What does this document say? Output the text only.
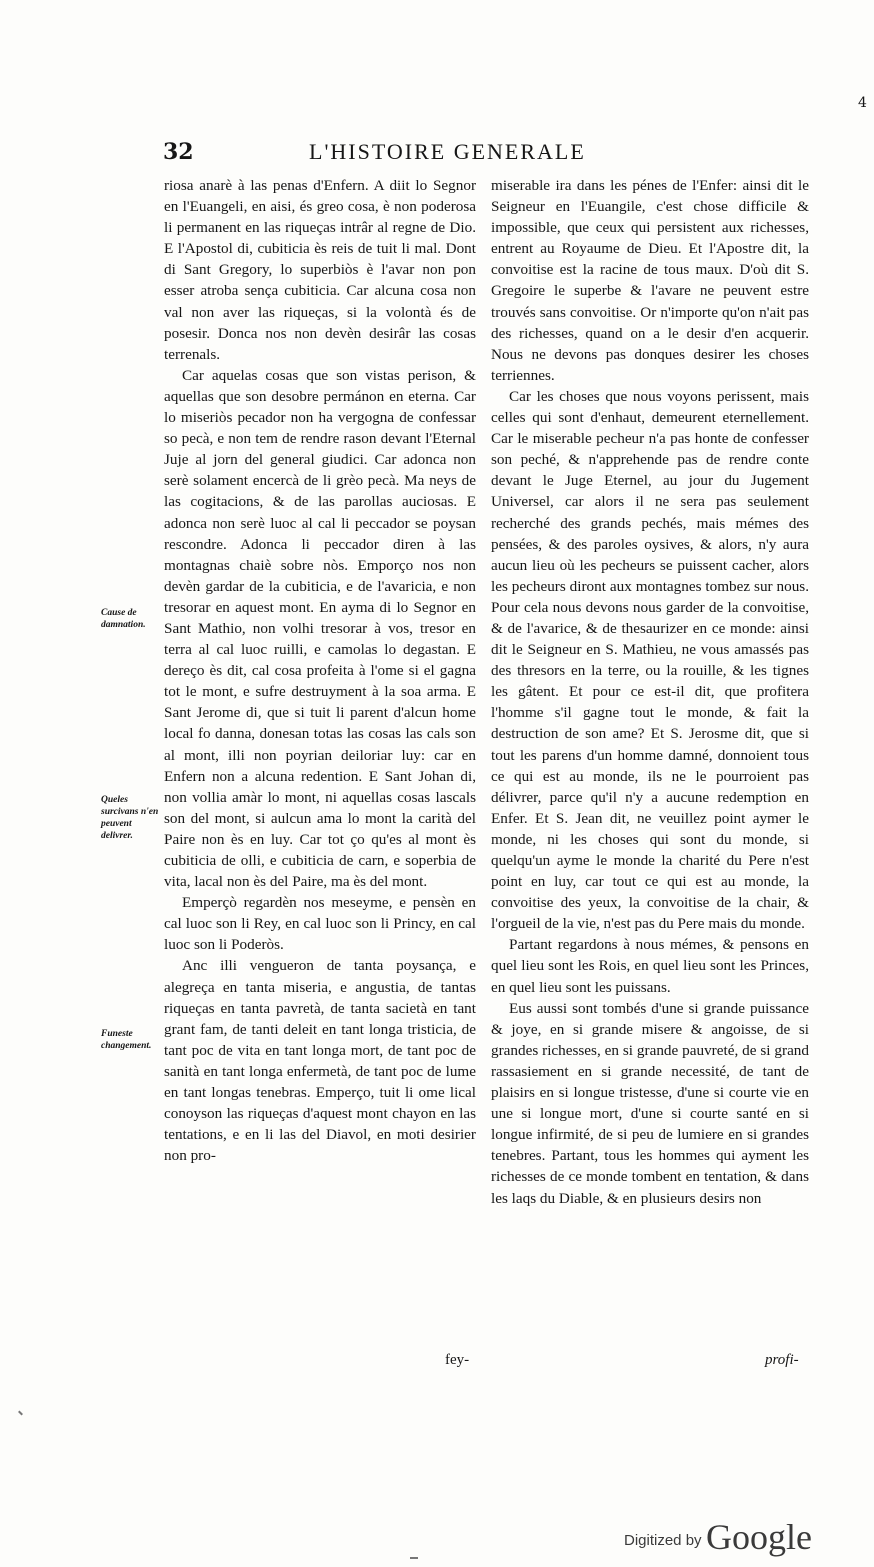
4
32	L'HISTOIRE GENERALE
Cause de damnation.
Queles surcivans n'en peuvent delivrer.
Funeste changement.

riosa anarè à las penas d'Enfern. A diit lo Segnor en l'Euangeli, en aisi, és greo cosa, è non poderosa li permanent en las riqueças intrâr al regne de Dio. E l'Apostol di, cubiticia ès reis de tuit li mal. Dont di Sant Gregory, lo superbiòs è l'avar non pon esser atroba sença cubiticia. Car alcuna cosa non val non aver las riqueças, si la volontà és de posesir. Donca nos non devèn desirâr las cosas terrenals.

Car aquelas cosas que son vistas perison, & aquellas que son desobre permánon en eterna. Car lo miseriòs pecador non ha vergogna de confessar so pecà, e non tem de rendre rason devant l'Eternal Juje al jorn del general giudici. Car adonca non serè solament encercà de li grèo pecà. Ma neys de las cogitacions, & de las parollas auciosas. E adonca non serè luoc al cal li peccador se poysan rescondre. Adonca li peccador diren à las montagnas chaiè sobre nòs. Emporço nos non devèn gardar de la cubiticia, e de l'avaricia, e non tresorar en aquest mont. En ayma di lo Segnor en Sant Mathio, non volhi tresorar à vos, tresor en terra al cal luoc ruilli, e camolas lo degastan. E dereço ès dit, cal cosa profeita à l'ome si el gagna tot le mont, e sufre destruyment à la soa arma. E Sant Jerome di, que si tuit li parent d'alcun home local fo danna, donesan totas las cosas las cals son al mont, illi non poyrian deiloriar luy: car en Enfern non a alcuna redention. E Sant Johan di, non vollia amàr lo mont, ni aquellas cosas lascals son del mont, si aulcun ama lo mont la carità del Paire non ès en luy. Car tot ço qu'es al mont ès cubiticia de olli, e cubiticia de carn, e soperbia de vita, lacal non ès del Paire, ma ès del mont.

Emperçò regardèn nos meseyme, e pensèn en cal luoc son li Rey, en cal luoc son li Princy, en cal luoc son li Poderòs.

Anc illi vengueron de tanta poysança, e alegreça en tanta miseria, e angustia, de tantas riqueças en tanta pavretà, de tanta sacietà en tant grant fam, de tanti deleit en tant longa tristicia, de tant poc de vita en tant longa mort, de tant poc de sanità en tant longa enfermetà, de tant poc de lume en tant longas tenebras. Emperço, tuit li ome lical conoyson las riqueças d'aquest mont chayon en las tentations, e en li las del Diavol, en moti desirier non pro-

fey-

miserable ira dans les pénes de l'Enfer: ainsi dit le Seigneur en l'Euangile, c'est chose difficile & impossible, que ceux qui persistent aux richesses, entrent au Royaume de Dieu. Et l'Apostre dit, la convoitise est la racine de tous maux. D'où dit S. Gregoire le superbe & l'avare ne peuvent estre trouvés sans convoitise. Or n'importe qu'on n'ait pas des richesses, quand on a le desir d'en acquerir. Nous ne devons pas donques desirer les choses terriennes.

Car les choses que nous voyons perissent, mais celles qui sont d'enhaut, demeurent eternellement. Car le miserable pecheur n'a pas honte de confesser son peché, & n'apprehende pas de rendre conte devant le Juge Eternel, au jour du Jugement Universel, car alors il ne sera pas seulement recherché des grands pechés, mais mémes des pensées, & des paroles oysives, & alors, n'y aura aucun lieu où les pecheurs se puissent cacher, alors les pecheurs diront aux montagnes tombez sur nous. Pour cela nous devons nous garder de la convoitise, & de l'avarice, & de thesaurizer en ce monde: ainsi dit le Seigneur en S. Mathieu, ne vous amassés pas des thresors en la terre, ou la rouille, & les tignes les gâtent. Et pour ce est-il dit, que profitera l'homme s'il gagne tout le monde, & fait la destruction de son ame? Et S. Jerosme dit, que si tout les parens d'un homme damné, donnoient tous ce qui est au monde, ils ne le pourroient pas délivrer, parce qu'il n'y a aucune redemption en Enfer. Et S. Jean dit, ne veuillez point aymer le monde, ni les choses qui sont du monde, si quelqu'un ayme le monde la charité du Pere n'est point en luy, car tout ce qui est au monde, la convoitise des yeux, la convoitise de la chair, & l'orgueil de la vie, n'est pas du Pere mais du monde.

Partant regardons à nous mémes, & pensons en quel lieu sont les Rois, en quel lieu sont les Princes, en quel lieu sont les puissans.

Eus aussi sont tombés d'une si grande puissance & joye, en si grande misere & angoisse, de si grandes richesses, en si grande pauvreté, de si grand rassasiement en si grande necessité, de tant de plaisirs en si longue tristesse, d'une si courte vie en une si longue mort, d'une si courte santé en si longue infirmité, de si peu de lumiere en si grandes tenebres. Partant, tous les hommes qui ayment les richesses de ce monde tombent en tentation, & dans les laqs du Diable, & en plusieurs desirs non

profi-
Digitized by Google
